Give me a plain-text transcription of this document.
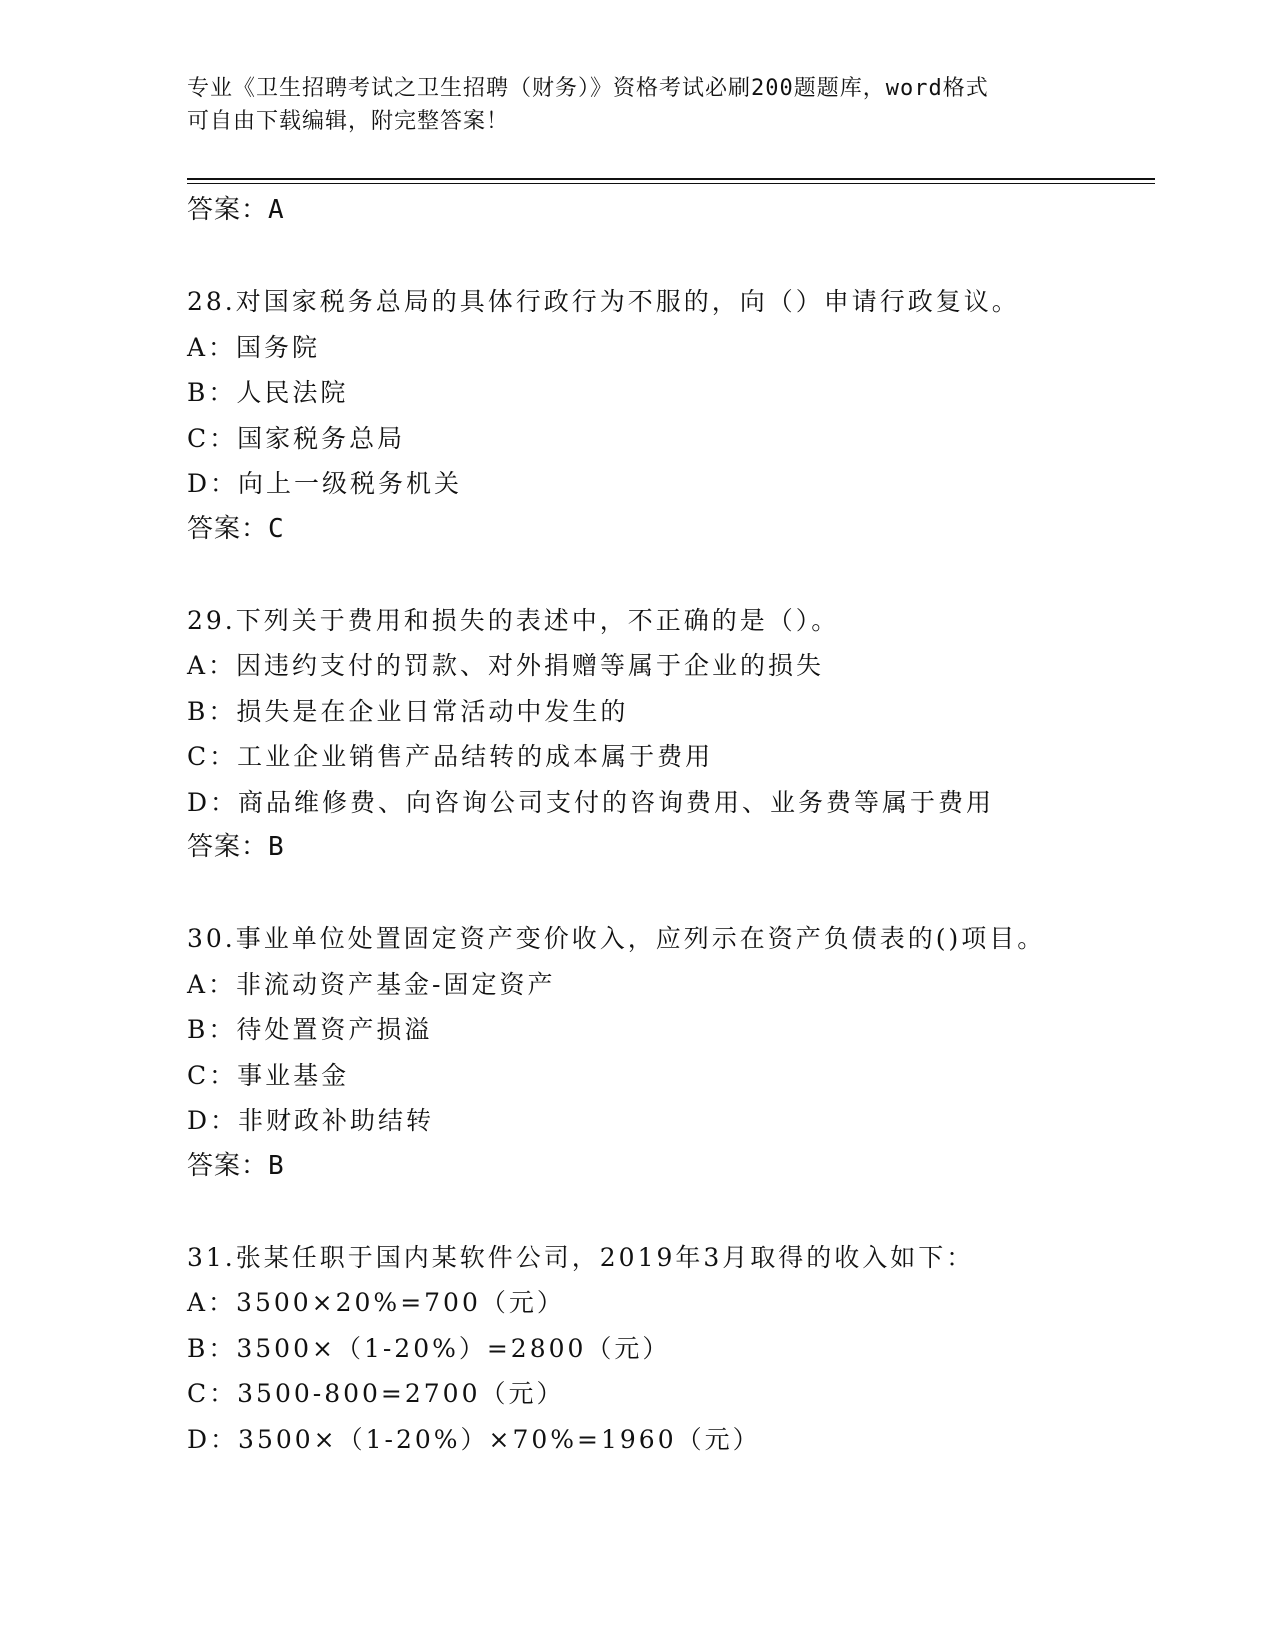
专业《卫生招聘考试之卫生招聘（财务）》资格考试必刷200题题库，word格式
可自由下载编辑，附完整答案！
答案：A
28.对国家税务总局的具体行政行为不服的，向（）申请行政复议。
A：国务院
B：人民法院
C：国家税务总局
D：向上一级税务机关
答案：C
29.下列关于费用和损失的表述中，不正确的是（）。
A：因违约支付的罚款、对外捐赠等属于企业的损失
B：损失是在企业日常活动中发生的
C：工业企业销售产品结转的成本属于费用
D：商品维修费、向咨询公司支付的咨询费用、业务费等属于费用
答案：B
30.事业单位处置固定资产变价收入，应列示在资产负债表的()项目。
A：非流动资产基金-固定资产
B：待处置资产损溢
C：事业基金
D：非财政补助结转
答案：B
31.张某任职于国内某软件公司，2019年3月取得的收入如下：
A：3500×20%=700（元）
B：3500×（1-20%）=2800（元）
C：3500-800=2700（元）
D：3500×（1-20%）×70%=1960（元）
